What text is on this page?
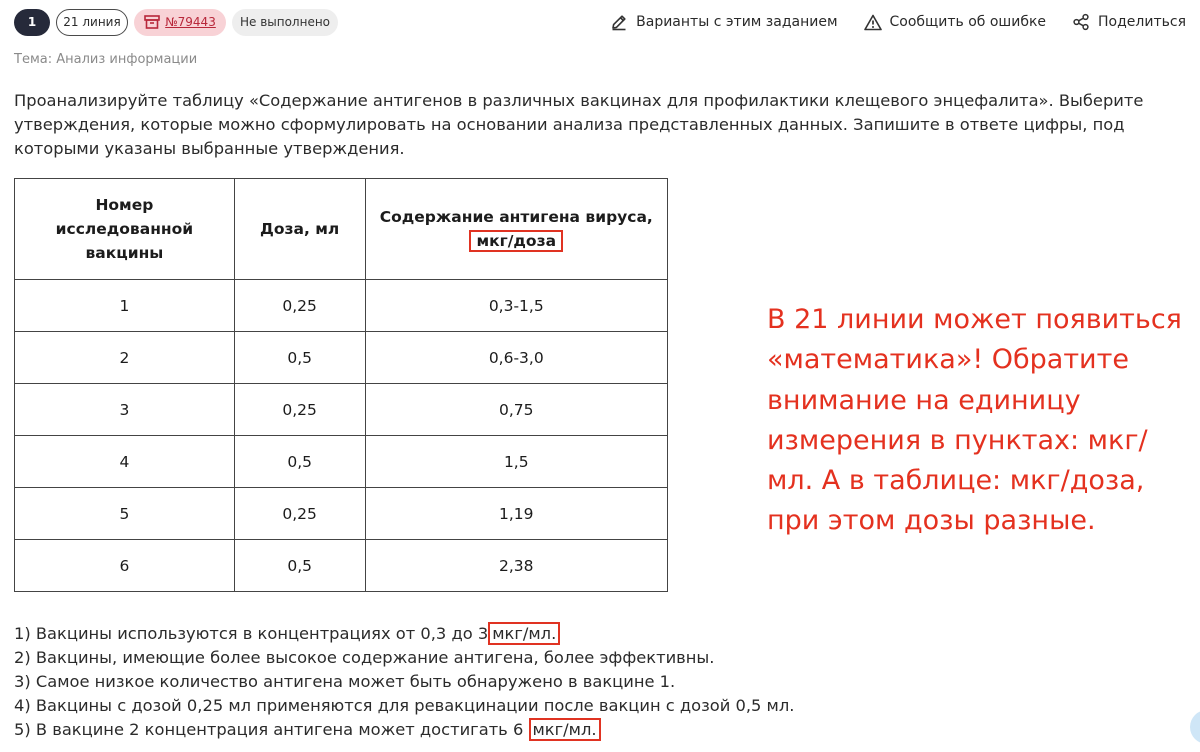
1	21 линия	№79443	Не выполнено	Варианты с этим заданием	Сообщить об ошибке	Поделиться
Тема: Анализ информации
Проанализируйте таблицу «Содержание антигенов в различных вакцинах для профилактики клещевого энцефалита». Выберите утверждения, которые можно сформулировать на основании анализа представленных данных. Запишите в ответе цифры, под которыми указаны выбранные утверждения.
Номер исследованной вакцины	Доза, мл	Содержание антигена вируса,
мкг/доза
1	0,25	0,3-1,5
2	0,5	0,6-3,0
3	0,25	0,75
4	0,5	1,5
5	0,25	1,19
6	0,5	2,38
В 21 линии может появиться «математика»! Обратите внимание на единицу измерения в пунктах: мкг/мл. А в таблице: мкг/доза, при этом дозы разные.
1) Вакцины используются в концентрациях от 0,3 до 3 мкг/мл.
2) Вакцины, имеющие более высокое содержание антигена, более эффективны.
3) Самое низкое количество антигена может быть обнаружено в вакцине 1.
4) Вакцины с дозой 0,25 мл применяются для ревакцинации после вакцин с дозой 0,5 мл.
5) В вакцине 2 концентрация антигена может достигать 6 мкг/мл.
